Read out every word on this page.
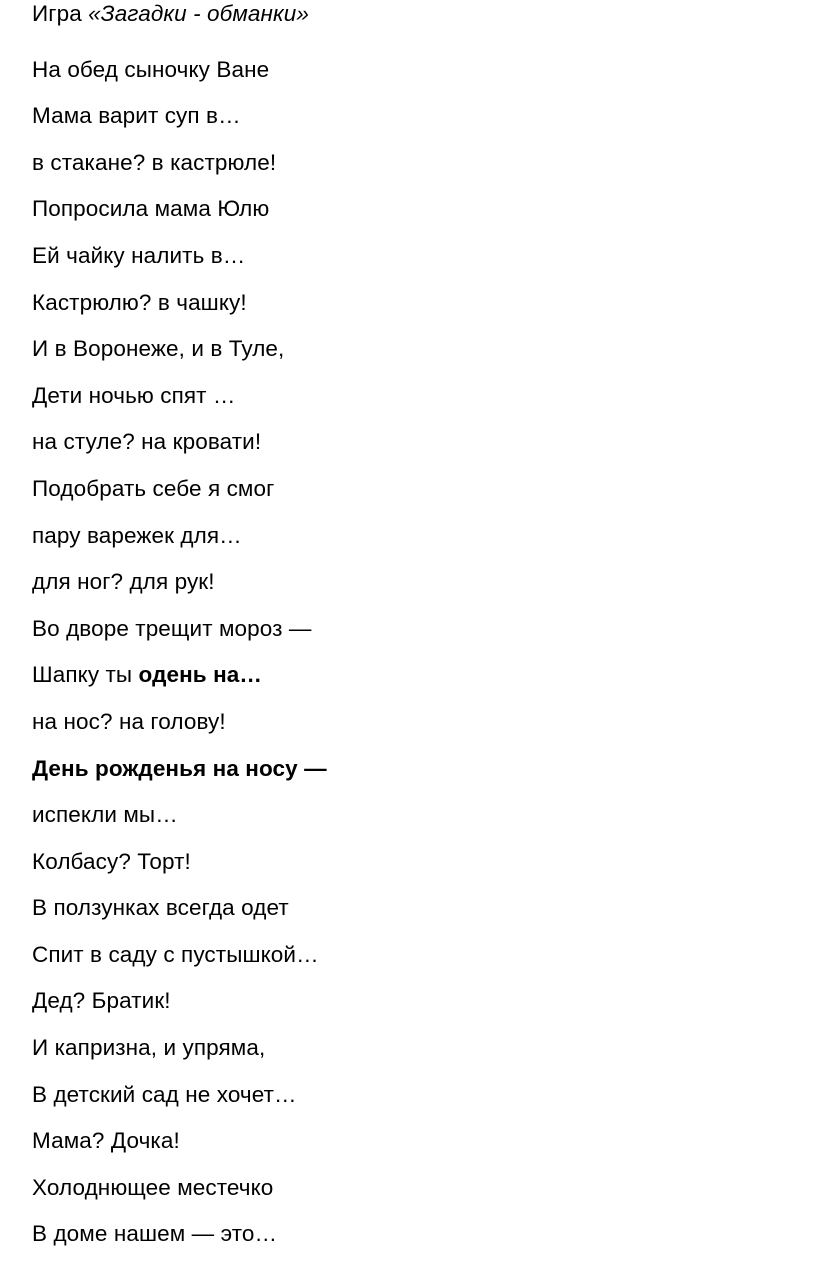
Игра «Загадки - обманки»
На обед сыночку Ване
Мама варит суп в…
в стакане? в кастрюле!
Попросила мама Юлю
Ей чайку налить в…
Кастрюлю? в чашку!
И в Воронеже, и в Туле,
Дети ночью спят …
на стуле? на кровати!
Подобрать себе я смог
пару варежек для…
для ног? для рук!
Во дворе трещит мороз —
Шапку ты одень на…
на нос? на голову!
День рожденья на носу —
испекли мы…
Колбасу? Торт!
В ползунках всегда одет
Спит в саду с пустышкой…
Дед? Братик!
И капризна, и упряма,
В детский сад не хочет…
Мама? Дочка!
Холоднющее местечко
В доме нашем — это…
